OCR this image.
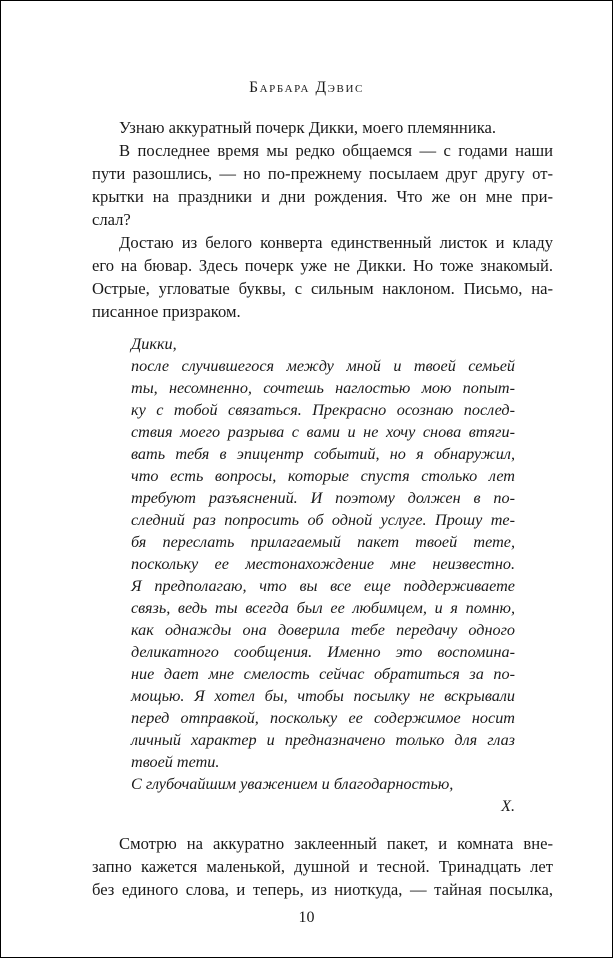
Барбара Дэвис
Узнаю аккуратный почерк Дикки, моего племянника.
В последнее время мы редко общаемся — с годами наши
пути разошлись, — но по-прежнему посылаем друг другу от-
крытки на праздники и дни рождения. Что же он мне при-
слал?
Достаю из белого конверта единственный листок и кладу
его на бювар. Здесь почерк уже не Дикки. Но тоже знакомый.
Острые, угловатые буквы, с сильным наклоном. Письмо, на-
писанное призраком.
Дикки,
после случившегося между мной и твоей семьей
ты, несомненно, сочтешь наглостью мою попыт-
ку с тобой связаться. Прекрасно осознаю послед-
ствия моего разрыва с вами и не хочу снова втяги-
вать тебя в эпицентр событий, но я обнаружил,
что есть вопросы, которые спустя столько лет
требуют разъяснений. И поэтому должен в по-
следний раз попросить об одной услуге. Прошу те-
бя переслать прилагаемый пакет твоей тете,
поскольку ее местонахождение мне неизвестно.
Я предполагаю, что вы все еще поддерживаете
связь, ведь ты всегда был ее любимцем, и я помню,
как однажды она доверила тебе передачу одного
деликатного сообщения. Именно это воспомина-
ние дает мне смелость сейчас обратиться за по-
мощью. Я хотел бы, чтобы посылку не вскрывали
перед отправкой, поскольку ее содержимое носит
личный характер и предназначено только для глаз
твоей тети.
С глубочайшим уважением и благодарностью,
Х.
Смотрю на аккуратно заклеенный пакет, и комната вне-
запно кажется маленькой, душной и тесной. Тринадцать лет
без единого слова, и теперь, из ниоткуда, — тайная посылка,
10
